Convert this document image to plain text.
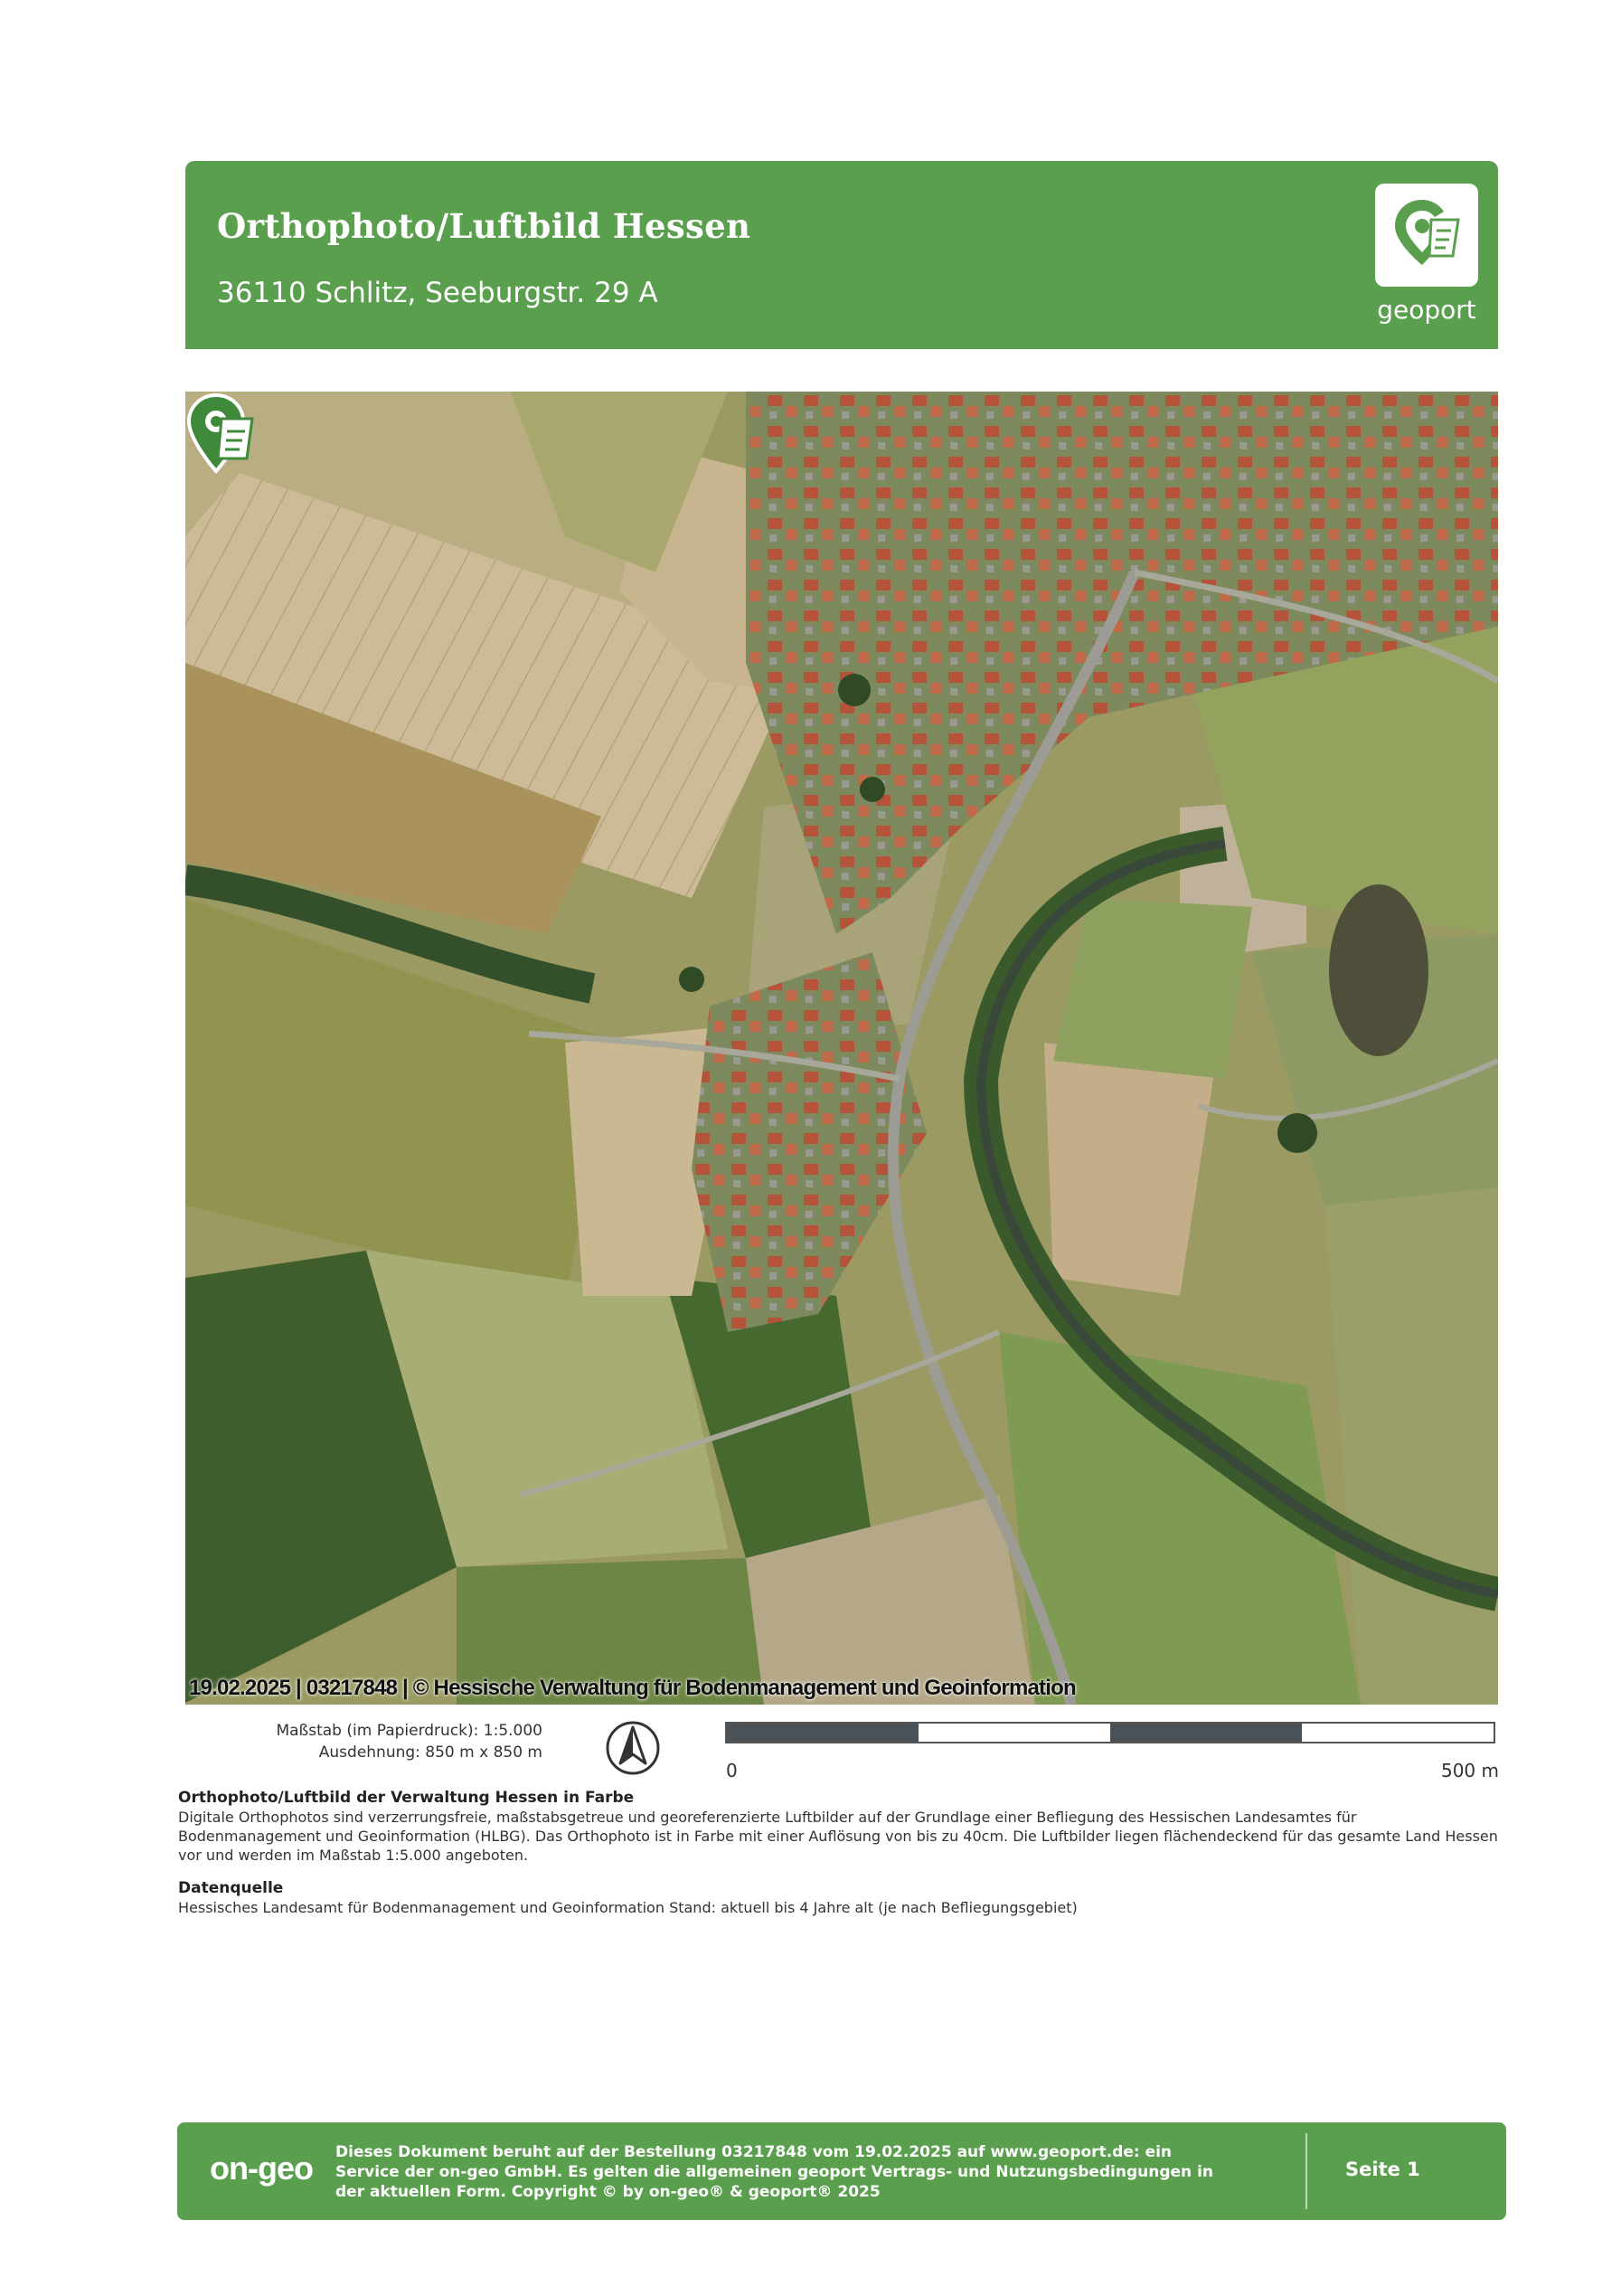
Orthophoto/Luftbild Hessen
36110 Schlitz, Seeburgstr. 29 A
geoport
19.02.2025 | 03217848 | © Hessische Verwaltung für Bodenmanagement und Geoinformation
Maßstab (im Papierdruck): 1:5.000
Ausdehnung: 850 m x 850 m
0	500 m
Orthophoto/Luftbild der Verwaltung Hessen in Farbe
Digitale Orthophotos sind verzerrungsfreie, maßstabsgetreue und georeferenzierte Luftbilder auf der Grundlage einer Befliegung des Hessischen Landesamtes für Bodenmanagement und Geoinformation (HLBG). Das Orthophoto ist in Farbe mit einer Auflösung von bis zu 40cm. Die Luftbilder liegen flächendeckend für das gesamte Land Hessen vor und werden im Maßstab 1:5.000 angeboten.
Datenquelle
Hessisches Landesamt für Bodenmanagement und Geoinformation Stand: aktuell bis 4 Jahre alt (je nach Befliegungsgebiet)
on-geo Dieses Dokument beruht auf der Bestellung 03217848 vom 19.02.2025 auf www.geoport.de: ein Service der on-geo GmbH. Es gelten die allgemeinen geoport Vertrags- und Nutzungsbedingungen in der aktuellen Form. Copyright © by on-geo® & geoport® 2025
Seite 1
